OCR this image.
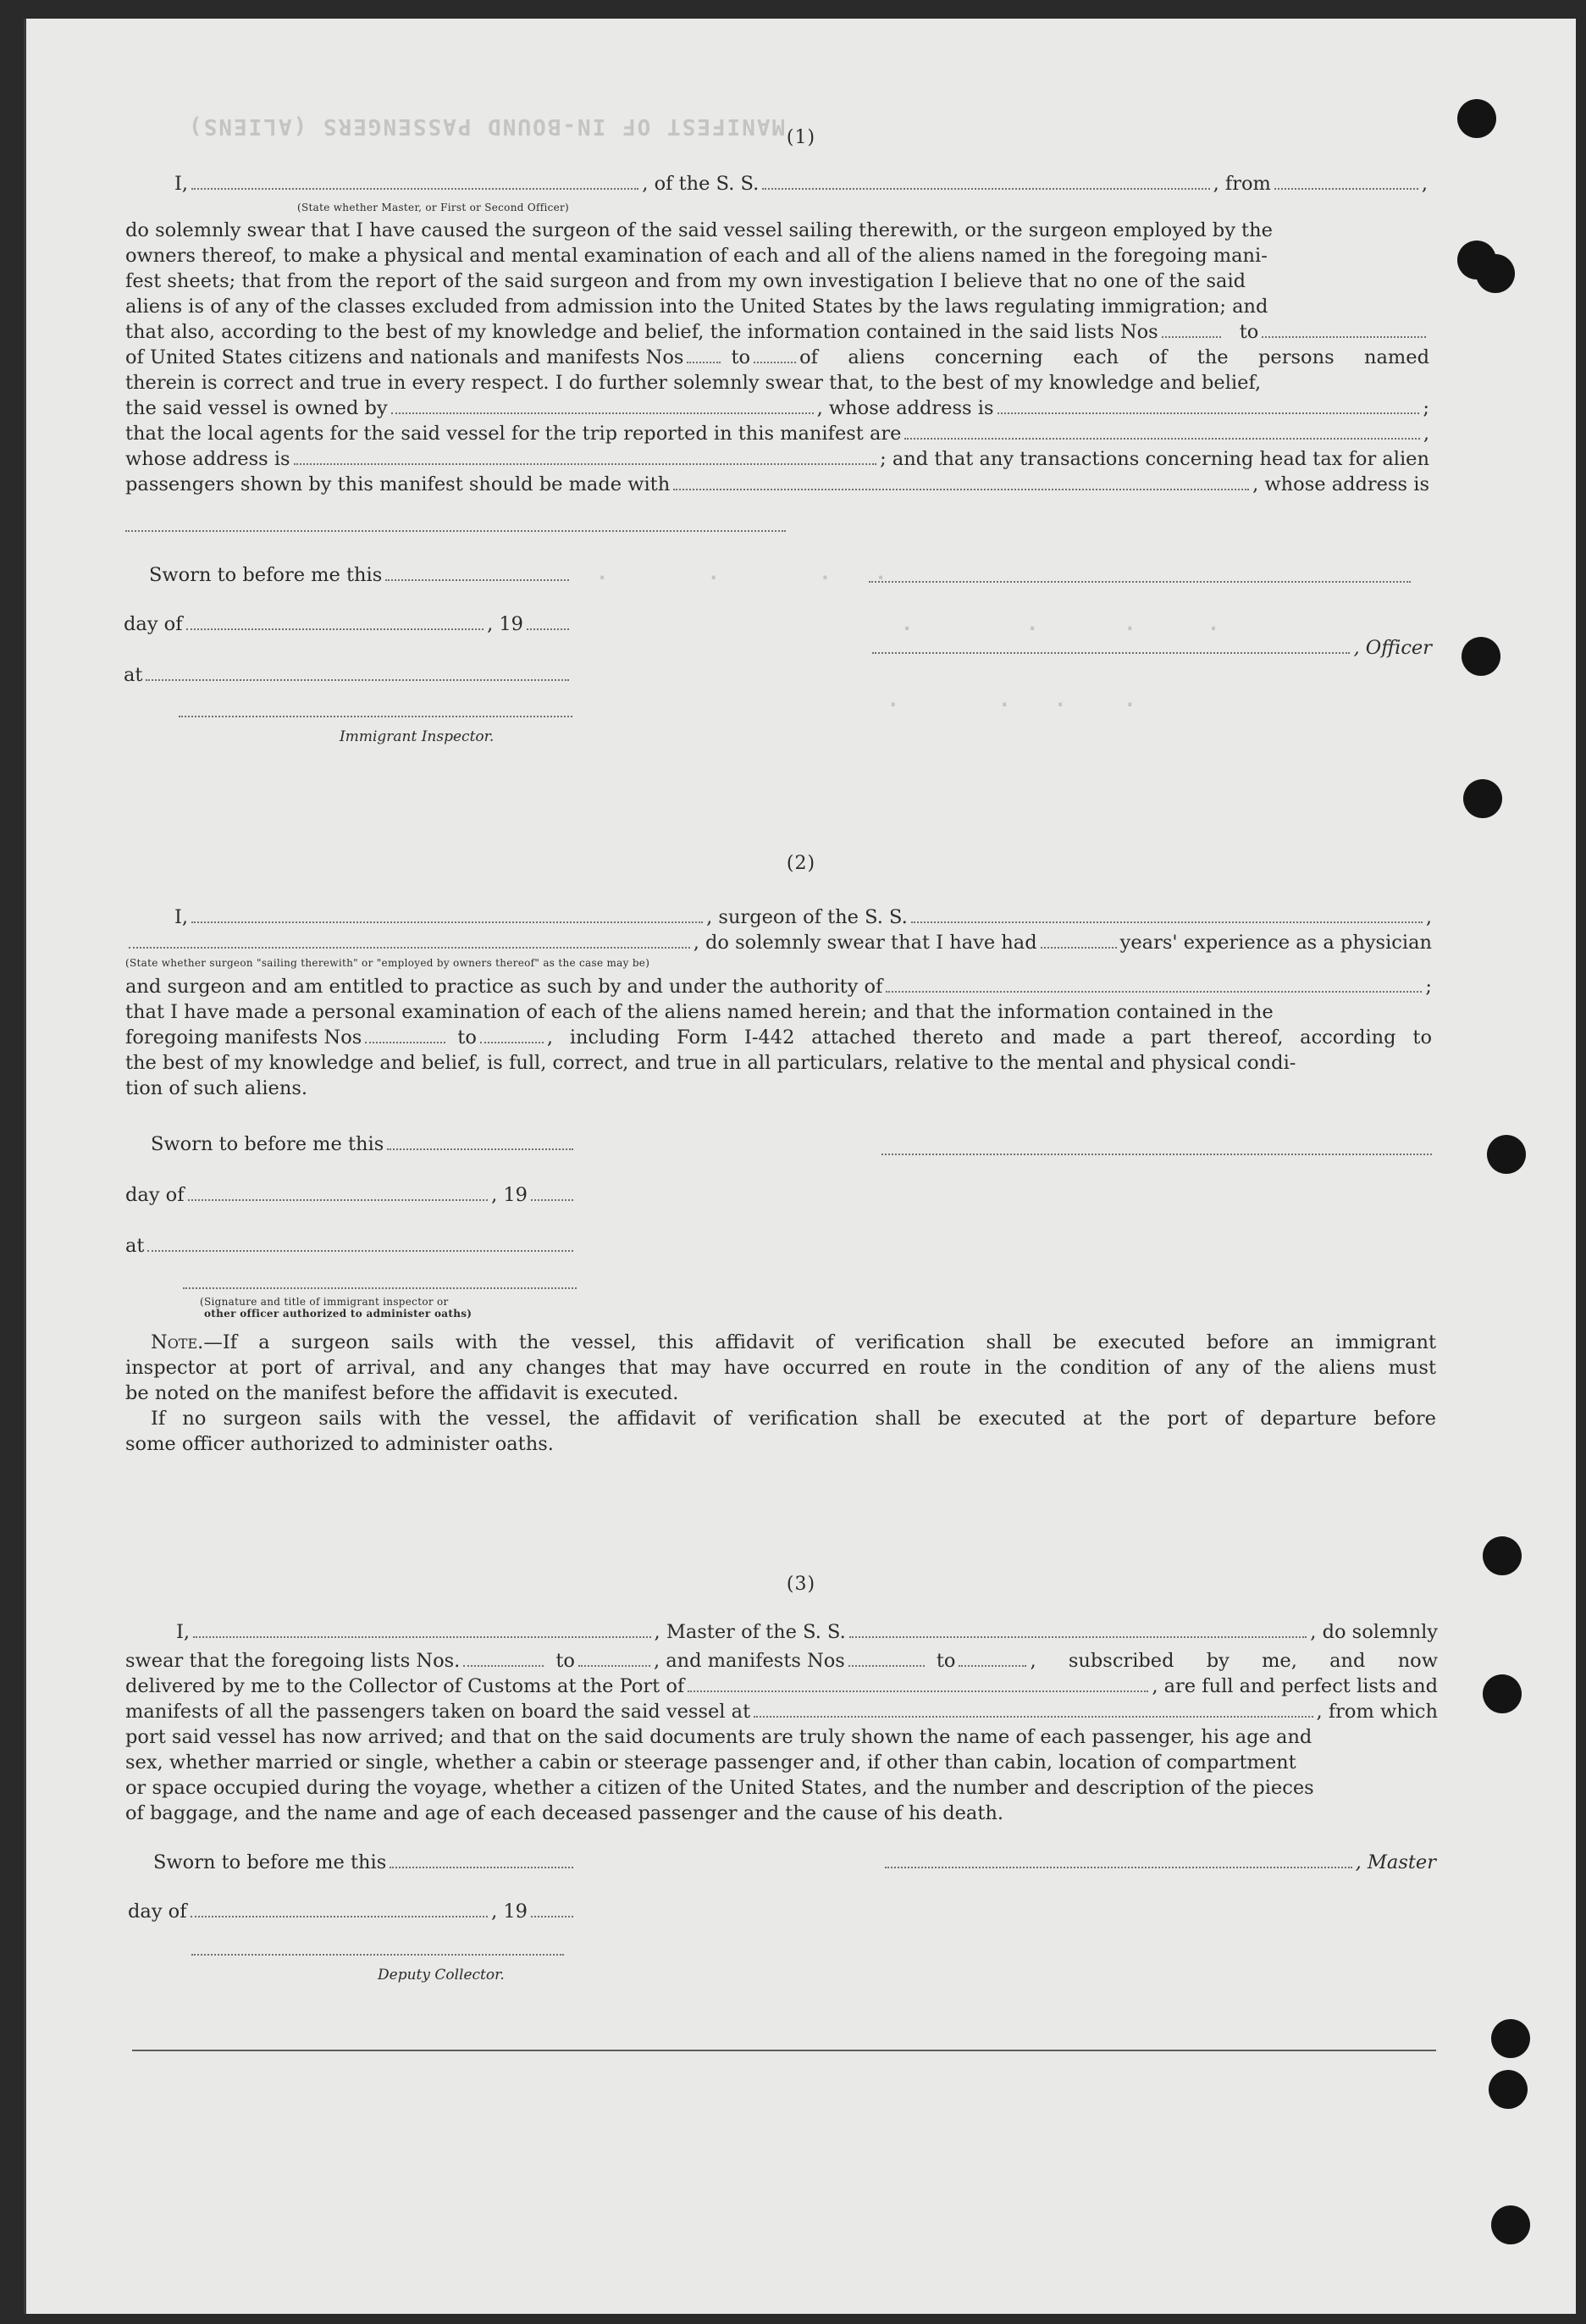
MANIFEST OF IN-BOUND PASSENGERS (ALIENS)
.       .       .   .
.        .      .     .
.       .   .    .
(1)
I,	, of the S. S.	, from	,
(State whether Master, or First or Second Officer)
do solemnly swear that I have caused the surgeon of the said vessel sailing therewith, or the surgeon employed by the
owners thereof, to make a physical and mental examination of each and all of the aliens named in the foregoing mani-
fest sheets; that from the report of the said surgeon and from my own investigation I believe that no one of the said
aliens is of any of the classes excluded from admission into the United States by the laws regulating immigration; and
that also, according to the best of my knowledge and belief, the information contained in the said lists Nos	to
of United States citizens and nationals and manifests Nos to	of aliens concerning each of the persons named
therein is correct and true in every respect. I do further solemnly swear that, to the best of my knowledge and belief,
the said vessel is owned by	, whose address is	;
that the local agents for the said vessel for the trip reported in this manifest are	,
whose address is	; and that any transactions concerning head tax for alien
passengers shown by this manifest should be made with	, whose address is
Sworn to before me this
day of	, 19
, Officer
at
Immigrant Inspector.
(2)
I,	, surgeon of the S. S.	,
, do solemnly swear that I have had	years' experience as a physician
(State whether surgeon "sailing therewith" or "employed by owners thereof" as the case may be)
and surgeon and am entitled to practice as such by and under the authority of	;
that I have made a personal examination of each of the aliens named herein; and that the information contained in the
foregoing manifests Nos	to	, including Form I-442 attached thereto and made a part thereof, according to
the best of my knowledge and belief, is full, correct, and true in all particulars, relative to the mental and physical condi-
tion of such aliens.
Sworn to before me this
day of	, 19
at
(Signature and title of immigrant inspector or
other officer authorized to administer oaths)

Note.—If a surgeon sails with the vessel, this affidavit of verification shall be executed before an immigrant

inspector at port of arrival, and any changes that may have occurred en route in the condition of any of the aliens must

be noted on the manifest before the affidavit is executed.

If no surgeon sails with the vessel, the affidavit of verification shall be executed at the port of departure before

some officer authorized to administer oaths.

(3)
I,	, Master of the S. S.	, do solemnly
swear that the foregoing lists Nos.	to	, and manifests Nos	to	, subscribed by me, and now
delivered by me to the Collector of Customs at the Port of	, are full and perfect lists and
manifests of all the passengers taken on board the said vessel at	, from which
port said vessel has now arrived; and that on the said documents are truly shown the name of each passenger, his age and
sex, whether married or single, whether a cabin or steerage passenger and, if other than cabin, location of compartment
or space occupied during the voyage, whether a citizen of the United States, and the number and description of the pieces
of baggage, and the name and age of each deceased passenger and the cause of his death.
Sworn to before me this	, Master
day of	, 19
Deputy Collector.
